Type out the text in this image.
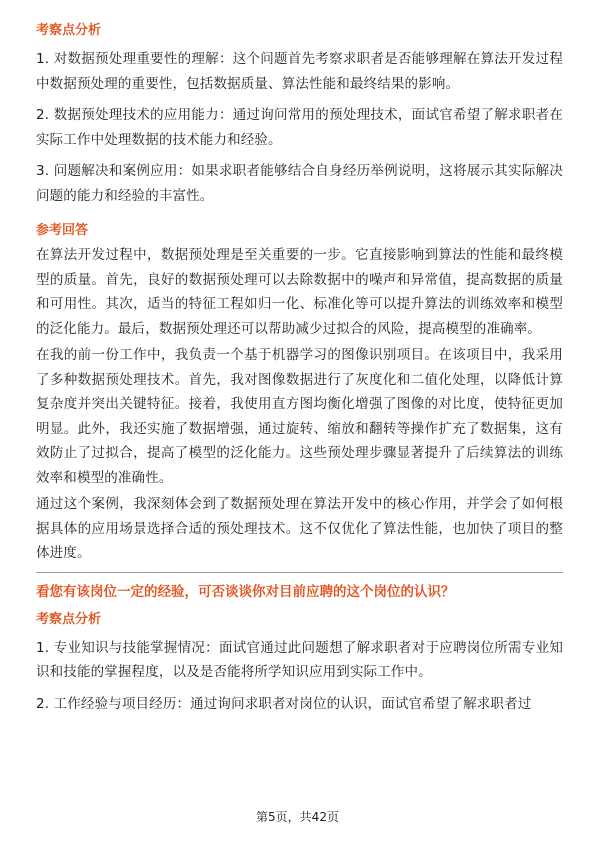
考察点分析

1. 对数据预处理重要性的理解：这个问题首先考察求职者是否能够理解在算法开发过程中数据预处理的重要性，包括数据质量、算法性能和最终结果的影响。

2. 数据预处理技术的应用能力：通过询问常用的预处理技术，面试官希望了解求职者在实际工作中处理数据的技术能力和经验。

3. 问题解决和案例应用：如果求职者能够结合自身经历举例说明，这将展示其实际解决问题的能力和经验的丰富性。

参考回答

在算法开发过程中，数据预处理是至关重要的一步。它直接影响到算法的性能和最终模型的质量。首先，良好的数据预处理可以去除数据中的噪声和异常值，提高数据的质量和可用性。其次，适当的特征工程如归一化、标准化等可以提升算法的训练效率和模型的泛化能力。最后，数据预处理还可以帮助减少过拟合的风险，提高模型的准确率。

在我的前一份工作中，我负责一个基于机器学习的图像识别项目。在该项目中，我采用了多种数据预处理技术。首先，我对图像数据进行了灰度化和二值化处理，以降低计算复杂度并突出关键特征。接着，我使用直方图均衡化增强了图像的对比度，使特征更加明显。此外，我还实施了数据增强，通过旋转、缩放和翻转等操作扩充了数据集，这有效防止了过拟合，提高了模型的泛化能力。这些预处理步骤显著提升了后续算法的训练效率和模型的准确性。

通过这个案例，我深刻体会到了数据预处理在算法开发中的核心作用，并学会了如何根据具体的应用场景选择合适的预处理技术。这不仅优化了算法性能，也加快了项目的整体进度。

看您有该岗位一定的经验，可否谈谈你对目前应聘的这个岗位的认识？

考察点分析

1. 专业知识与技能掌握情况：面试官通过此问题想了解求职者对于应聘岗位所需专业知识和技能的掌握程度，以及是否能将所学知识应用到实际工作中。

2. 工作经验与项目经历：通过询问求职者对岗位的认识，面试官希望了解求职者过

第5页，共42页
